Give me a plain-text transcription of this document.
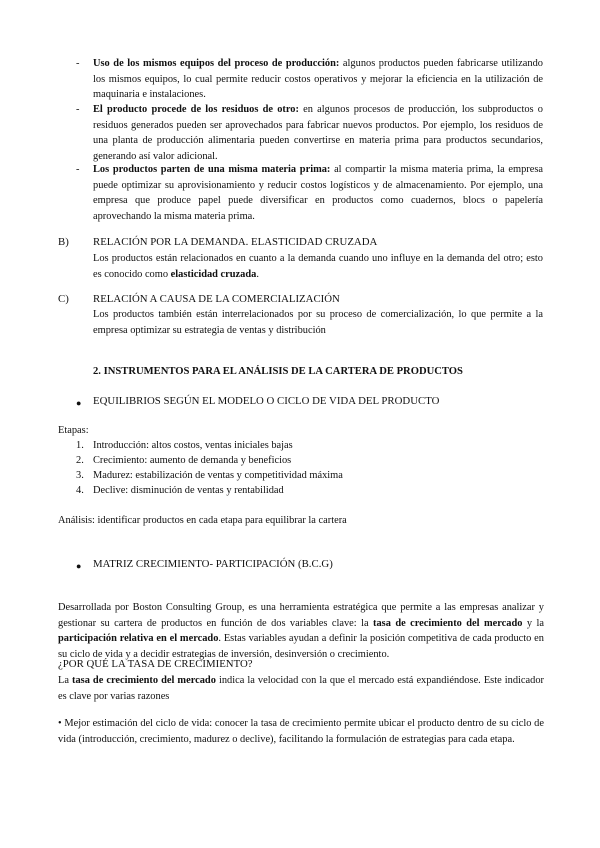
- Uso de los mismos equipos del proceso de producción: algunos productos pueden fabricarse utilizando los mismos equipos, lo cual permite reducir costos operativos y mejorar la eficiencia en la utilización de maquinaria e instalaciones.
- El producto procede de los residuos de otro: en algunos procesos de producción, los subproductos o residuos generados pueden ser aprovechados para fabricar nuevos productos. Por ejemplo, los residuos de una planta de producción alimentaria pueden convertirse en materia prima para productos secundarios, generando así valor adicional.
- Los productos parten de una misma materia prima: al compartir la misma materia prima, la empresa puede optimizar su aprovisionamiento y reducir costos logísticos y de almacenamiento. Por ejemplo, una empresa que produce papel puede diversificar en productos como cuadernos, blocs o papelería aprovechando la misma materia prima.
B) RELACIÓN POR LA DEMANDA. ELASTICIDAD CRUZADA
Los productos están relacionados en cuanto a la demanda cuando uno influye en la demanda del otro; esto es conocido como elasticidad cruzada.
C) RELACIÓN A CAUSA DE LA COMERCIALIZACIÓN
Los productos también están interrelacionados por su proceso de comercialización, lo que permite a la empresa optimizar su estrategia de ventas y distribución
2. INSTRUMENTOS PARA EL ANÁLISIS DE LA CARTERA DE PRODUCTOS
● EQUILIBRIOS SEGÚN EL MODELO O CICLO DE VIDA DEL PRODUCTO
Etapas:
1. Introducción: altos costos, ventas iniciales bajas
2. Crecimiento: aumento de demanda y beneficios
3. Madurez: estabilización de ventas y competitividad máxima
4. Declive: disminución de ventas y rentabilidad
Análisis: identificar productos en cada etapa para equilibrar la cartera
● MATRIZ CRECIMIENTO- PARTICIPACIÓN (B.C.G)
Desarrollada por Boston Consulting Group, es una herramienta estratégica que permite a las empresas analizar y gestionar su cartera de productos en función de dos variables clave: la tasa de crecimiento del mercado y la participación relativa en el mercado. Estas variables ayudan a definir la posición competitiva de cada producto en su ciclo de vida y a decidir estrategias de inversión, desinversión o crecimiento.
¿POR QUÉ LA TASA DE CRECIMIENTO?
La tasa de crecimiento del mercado indica la velocidad con la que el mercado está expandiéndose. Este indicador es clave por varias razones
• Mejor estimación del ciclo de vida: conocer la tasa de crecimiento permite ubicar el producto dentro de su ciclo de vida (introducción, crecimiento, madurez o declive), facilitando la formulación de estrategias para cada etapa.
